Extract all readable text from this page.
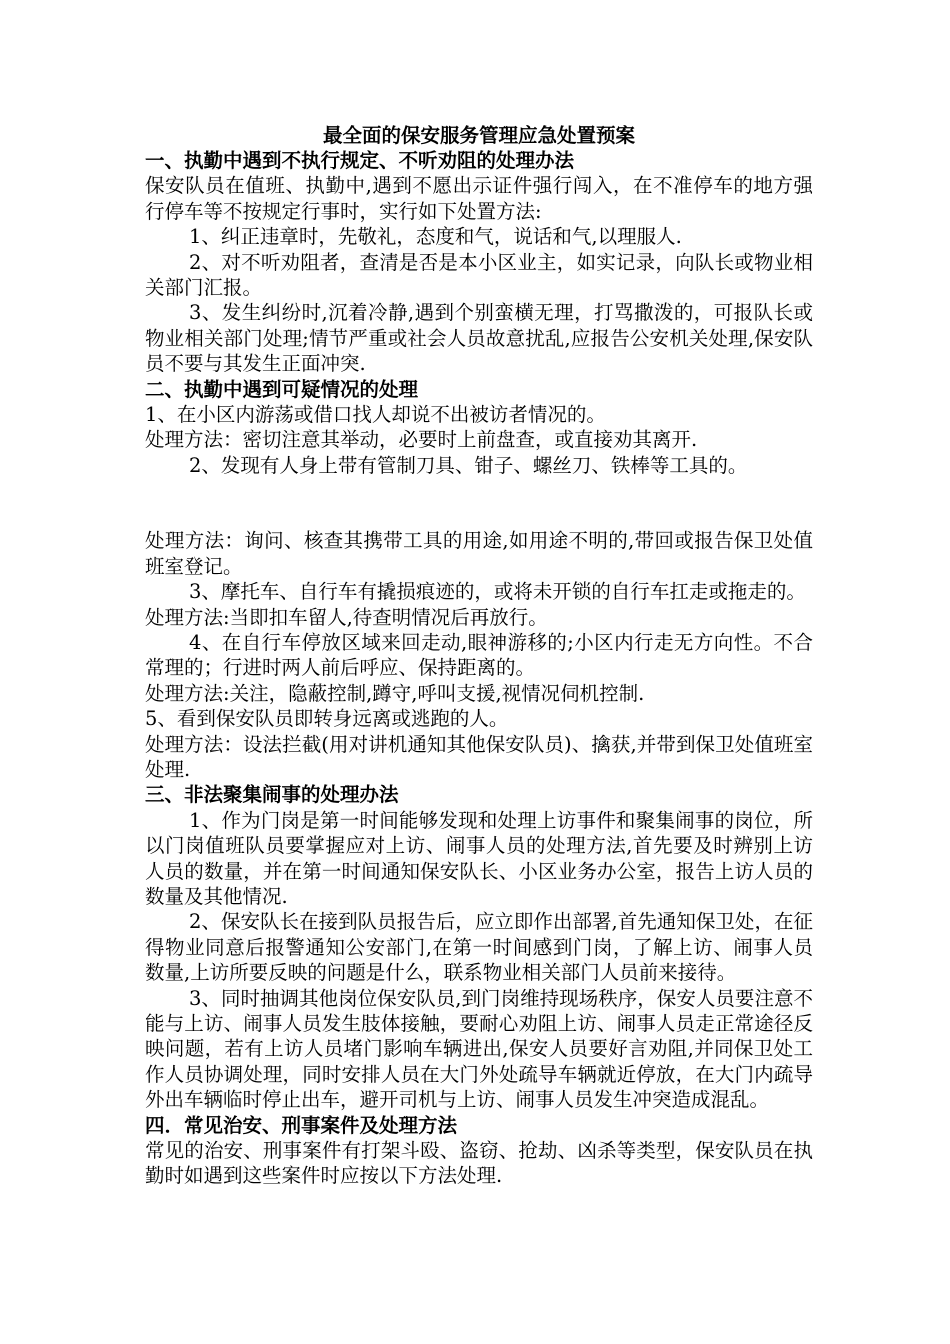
最全面的保安服务管理应急处置预案

一、执勤中遇到不执行规定、不听劝阻的处理办法

保安队员在值班、执勤中,遇到不愿出示证件强行闯入，在不准停车的地方强行停车等不按规定行事时，实行如下处置方法:

1、纠正违章时，先敬礼，态度和气，说话和气,以理服人.

2、对不听劝阻者，查清是否是本小区业主，如实记录，向队长或物业相关部门汇报。

3、发生纠纷时,沉着冷静,遇到个别蛮横无理，打骂撒泼的，可报队长或物业相关部门处理;情节严重或社会人员故意扰乱,应报告公安机关处理,保安队员不要与其发生正面冲突.

二、执勤中遇到可疑情况的处理

1、在小区内游荡或借口找人却说不出被访者情况的。

处理方法：密切注意其举动，必要时上前盘查，或直接劝其离开.

2、发现有人身上带有管制刀具、钳子、螺丝刀、铁棒等工具的。

处理方法：询问、核查其携带工具的用途,如用途不明的,带回或报告保卫处值班室登记。

3、摩托车、自行车有撬损痕迹的，或将未开锁的自行车扛走或拖走的。

处理方法:当即扣车留人,待查明情况后再放行。

4、在自行车停放区域来回走动,眼神游移的;小区内行走无方向性。不合常理的；行进时两人前后呼应、保持距离的。

处理方法:关注，隐蔽控制,蹲守,呼叫支援,视情况伺机控制.

5、看到保安队员即转身远离或逃跑的人。

处理方法：设法拦截(用对讲机通知其他保安队员)、擒获,并带到保卫处值班室处理.

三、非法聚集闹事的处理办法

1、作为门岗是第一时间能够发现和处理上访事件和聚集闹事的岗位，所以门岗值班队员要掌握应对上访、闹事人员的处理方法,首先要及时辨别上访人员的数量，并在第一时间通知保安队长、小区业务办公室，报告上访人员的数量及其他情况.

2、保安队长在接到队员报告后，应立即作出部署,首先通知保卫处，在征得物业同意后报警通知公安部门,在第一时间感到门岗，了解上访、闹事人员数量,上访所要反映的问题是什么，联系物业相关部门人员前来接待。

3、同时抽调其他岗位保安队员,到门岗维持现场秩序，保安人员要注意不能与上访、闹事人员发生肢体接触，要耐心劝阻上访、闹事人员走正常途径反映问题，若有上访人员堵门影响车辆进出,保安人员要好言劝阻,并同保卫处工作人员协调处理，同时安排人员在大门外处疏导车辆就近停放，在大门内疏导外出车辆临时停止出车，避开司机与上访、闹事人员发生冲突造成混乱。

四．常见治安、刑事案件及处理方法

常见的治安、刑事案件有打架斗殴、盗窃、抢劫、凶杀等类型，保安队员在执勤时如遇到这些案件时应按以下方法处理.
